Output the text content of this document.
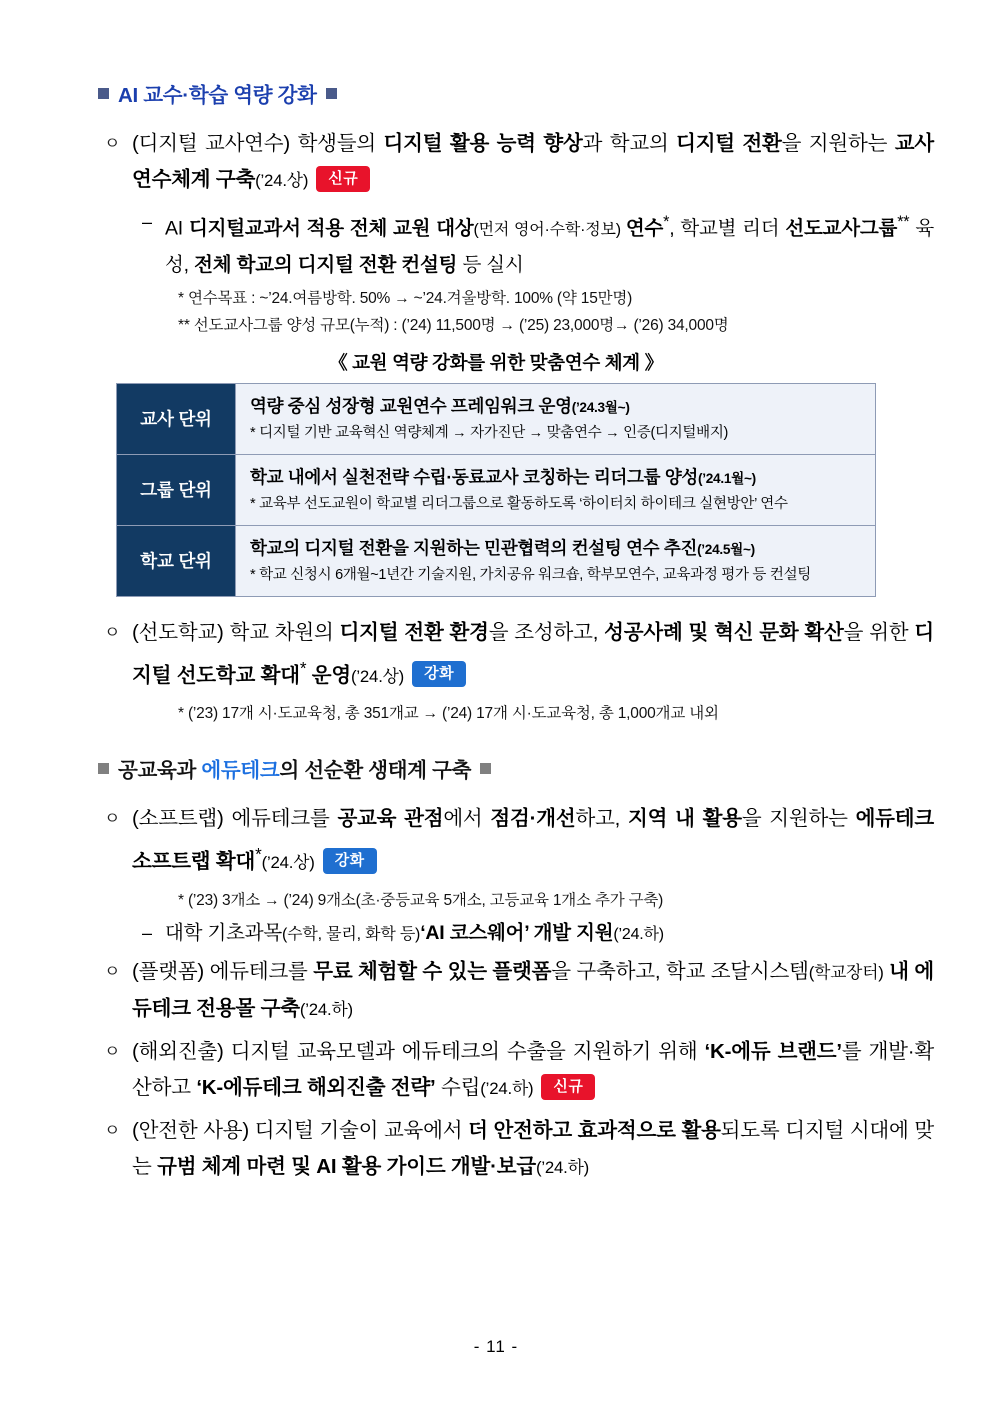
AI 교수·학습 역량 강화
ㅇ (디지털 교사연수) 학생들의 디지털 활용 능력 향상과 학교의 디지털 전환을 지원하는 교사 연수체계 구축(’24.상) 신규
– AI 디지털교과서 적용 전체 교원 대상(먼저 영어·수학·정보) 연수*, 학교별 리더 선도교사그룹** 육성, 전체 학교의 디지털 전환 컨설팅 등 실시
* 연수목표 : ~’24.여름방학. 50% → ~’24.겨울방학. 100% (약 15만명)
** 선도교사그룹 양성 규모(누적) : (’24) 11,500명 → (’25) 23,000명→ (’26) 34,000명
《 교원 역량 강화를 위한 맞춤연수 체계 》
교사 단위	역량 중심 성장형 교원연수 프레임워크 운영(’24.3월~)
* 디지털 기반 교육혁신 역량체계 → 자가진단 → 맞춤연수 → 인증(디지털배지)

그룹 단위	학교 내에서 실천전략 수립·동료교사 코칭하는 리더그룹 양성(’24.1월~)
* 교육부 선도교원이 학교별 리더그룹으로 활동하도록 ‘하이터치 하이테크 실현방안’ 연수

학교 단위	학교의 디지털 전환을 지원하는 민관협력의 컨설팅 연수 추진(’24.5월~)
* 학교 신청시 6개월~1년간 기술지원, 가치공유 워크숍, 학부모연수, 교육과정 평가 등 컨설팅
ㅇ (선도학교) 학교 차원의 디지털 전환 환경을 조성하고, 성공사례 및 혁신 문화 확산을 위한 디지털 선도학교 확대* 운영(’24.상) 강화
* (’23) 17개 시·도교육청, 총 351개교 → (’24) 17개 시·도교육청, 총 1,000개교 내외
공교육과 에듀테크의 선순환 생태계 구축
ㅇ (소프트랩) 에듀테크를 공교육 관점에서 점검·개선하고, 지역 내 활용을 지원하는 에듀테크 소프트랩 확대*(’24.상) 강화
* (’23) 3개소 → (’24) 9개소(초·중등교육 5개소, 고등교육 1개소 추가 구축)
– 대학 기초과목(수학, 물리, 화학 등)‘AI 코스웨어’ 개발 지원(’24.하)
ㅇ (플랫폼) 에듀테크를 무료 체험할 수 있는 플랫폼을 구축하고, 학교 조달시스템(학교장터) 내 에듀테크 전용몰 구축(’24.하)
ㅇ (해외진출) 디지털 교육모델과 에듀테크의 수출을 지원하기 위해 ‘K-에듀 브랜드’를 개발·확산하고 ‘K-에듀테크 해외진출 전략’ 수립(’24.하) 신규
ㅇ (안전한 사용) 디지털 기술이 교육에서 더 안전하고 효과적으로 활용되도록 디지털 시대에 맞는 규범 체계 마련 및 AI 활용 가이드 개발·보급(’24.하)
- 11 -
